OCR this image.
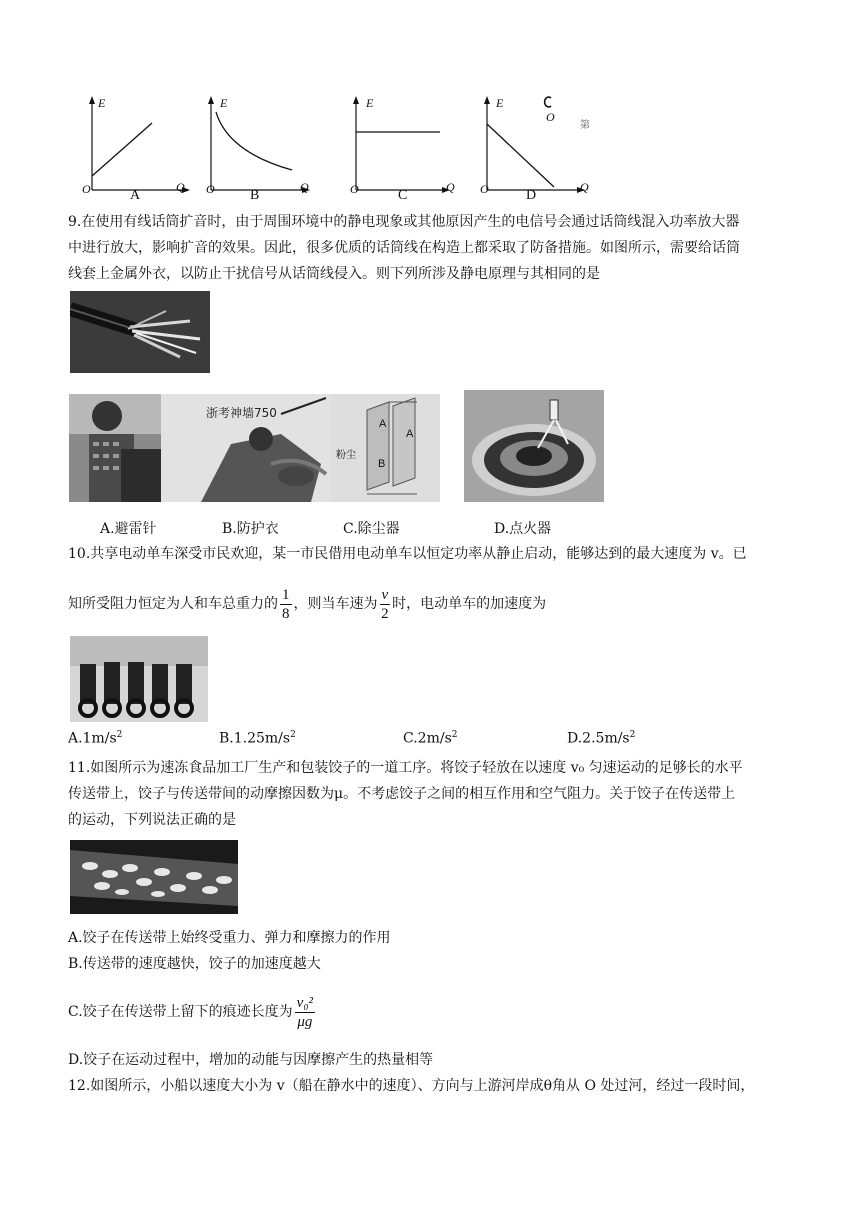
E
O	A
Q
E
O	B
Q
E
O	C
Q
E
O	D
Q
O
第
9.在使用有线话筒扩音时，由于周围环境中的静电现象或其他原因产生的电信号会通过话筒线混入功率放大器
中进行放大，影响扩音的效果。因此，很多优质的话筒线在构造上都采取了防备措施。如图所示，需要给话筒
线套上金属外衣，以防止干扰信号从话筒线侵入。则下列所涉及静电原理与其相同的是
浙考神墙750
粉尘
A
A
B
A.避雷针	B.防护衣	C.除尘器	D.点火器
10.共享电动单车深受市民欢迎，某一市民借用电动单车以恒定功率从静止启动，能够达到的最大速度为 v。已
知所受阻力恒定为人和车总重力的 $\frac{1}{8}$ ，则当车速为 $\frac{v}{2}$ 时，电动单车的加速度为
$A.1m/s^2$	$B.1.25m/s^2$	$C.2m/s^2$	$D.2.5m/s^2$
11.如图所示为速冻食品加工厂生产和包装饺子的一道工序。将饺子轻放在以速度 v₀ 匀速运动的足够长的水平
传送带上，饺子与传送带间的动摩擦因数为μ。不考虑饺子之间的相互作用和空气阻力。关于饺子在传送带上
的运动，下列说法正确的是
A.饺子在传送带上始终受重力、弹力和摩擦力的作用
B.传送带的速度越快，饺子的加速度越大
C.饺子在传送带上留下的痕迹长度为 $\frac{\text{v₀²}}{\mu g}$
D.饺子在运动过程中，增加的动能与因摩擦产生的热量相等
12.如图所示，小船以速度大小为 v（船在静水中的速度）、方向与上游河岸成θ角从 O 处过河，经过一段时间，
